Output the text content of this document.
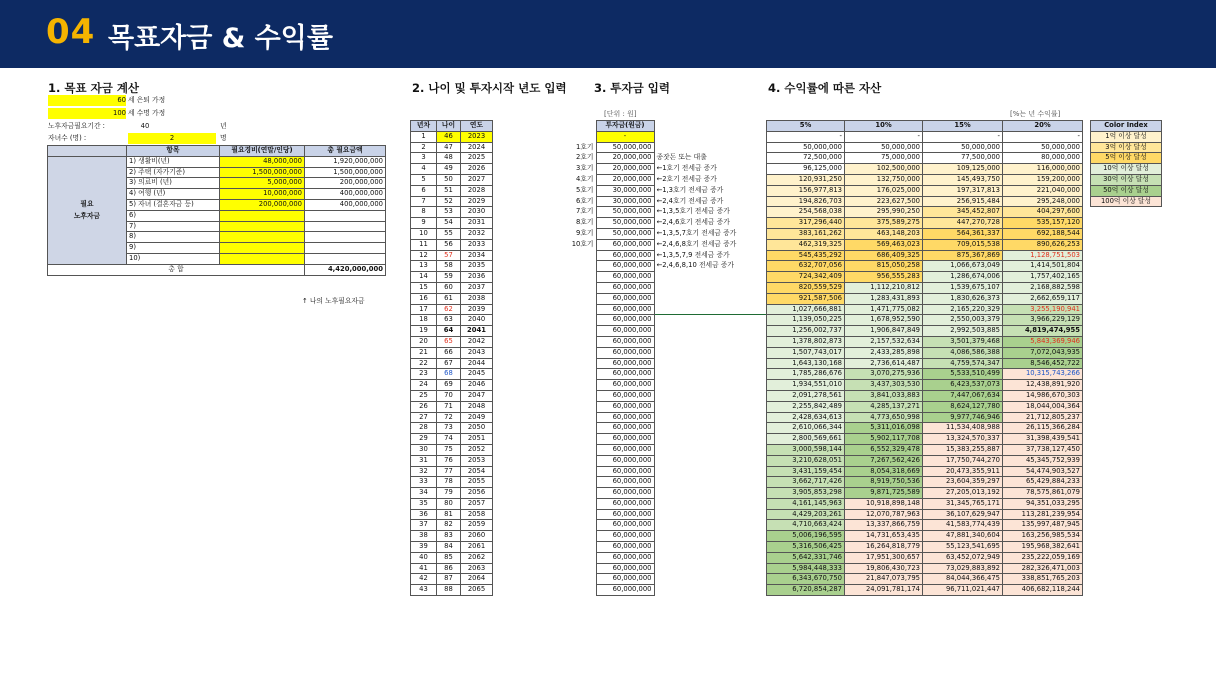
04 목표자금 & 수익률
1. 목표 자금 계산	2. 나이 및 투자시작 년도 입력 3. 투자금 입력	4. 수익률에 따른 자산
[단위 : 원]	[%는 년 수익률]
60 세 은퇴 가정
100 세 수명 가정
노후자금필요기간 :	40	년
자녀수 (명) :	2	명
	항목	필요경비(연말/인당)	총 필요금액

필요
노후자금	1) 생활비(년)	48,000,000	1,920,000,000
	2) 주택 (자가기준)	1,500,000,000	1,500,000,000
	3) 의료비 (년)	5,000,000	200,000,000
	4) 여행 (년)	10,000,000	400,000,000
	5) 자녀 (결혼자금 등)	200,000,000	400,000,000
	6)		
	7)		
	8)		
	9)		
	10)		
총 합			4,420,000,000
↑ 나의 노후필요자금
년차	나이	연도
1	46	2023
2	47	2024
3	48	2025
4	49	2026
5	50	2027
6	51	2028
7	52	2029
8	53	2030
9	54	2031
10	55	2032
11	56	2033
12	57	2034
13	58	2035
14	59	2036
15	60	2037
16	61	2038
17	62	2039
18	63	2040
19	64	2041
20	65	2042
21	66	2043
22	67	2044
23	68	2045
24	69	2046
25	70	2047
26	71	2048
27	72	2049
28	73	2050
29	74	2051
30	75	2052
31	76	2053
32	77	2054
33	78	2055
34	79	2056
35	80	2057
36	81	2058
37	82	2059
38	83	2060
39	84	2061
40	85	2062
41	86	2063
42	87	2064
43	88	2065
	투자금(원금)	
	-	
1호기	50,000,000	
2호기	20,000,000	종잣돈 또는 대출
3호기	20,000,000	←1호기 전세금 증가
4호기	20,000,000	←2호기 전세금 증가
5호기	30,000,000	←1,3호기 전세금 증가
6호기	30,000,000	←2,4호기 전세금 증가
7호기	50,000,000	←1,3,5호기 전세금 증가
8호기	50,000,000	←2,4,6호기 전세금 증가
9호기	50,000,000	←1,3,5,7호기 전세금 증가
10호기	60,000,000	←2,4,6,8호기 전세금 증가
	60,000,000	←1,3,5,7,9 전세금 증가
	60,000,000	←2,4,6,8,10 전세금 증가
	60,000,000	
	60,000,000	
	60,000,000	
	60,000,000	
	60,000,000	
	60,000,000	
	60,000,000	
	60,000,000	
	60,000,000	
	60,000,000	
	60,000,000	
	60,000,000	
	60,000,000	
	60,000,000	
	60,000,000	
	60,000,000	
	60,000,000	
	60,000,000	
	60,000,000	
	60,000,000	
	60,000,000	
	60,000,000	
	60,000,000	
	60,000,000	
	60,000,000	
	60,000,000	
	60,000,000	
	60,000,000	
	60,000,000	
	60,000,000	
5%	10%	15%	20%
-	-	-	-
50,000,000	50,000,000	50,000,000	50,000,000
72,500,000	75,000,000	77,500,000	80,000,000
96,125,000	102,500,000	109,125,000	116,000,000
120,931,250	132,750,000	145,493,750	159,200,000
156,977,813	176,025,000	197,317,813	221,040,000
194,826,703	223,627,500	256,915,484	295,248,000
254,568,038	295,990,250	345,452,807	404,297,600
317,296,440	375,589,275	447,270,728	535,157,120
383,161,262	463,148,203	564,361,337	692,188,544
462,319,325	569,463,023	709,015,538	890,626,253
545,435,292	686,409,325	875,367,869	1,128,751,503
632,707,056	815,050,258	1,066,673,049	1,414,501,804
724,342,409	956,555,283	1,286,674,006	1,757,402,165
820,559,529	1,112,210,812	1,539,675,107	2,168,882,598
921,587,506	1,283,431,893	1,830,626,373	2,662,659,117
1,027,666,881	1,471,775,082	2,165,220,329	3,255,190,941
1,139,050,225	1,678,952,590	2,550,003,379	3,966,229,129
1,256,002,737	1,906,847,849	2,992,503,885	4,819,474,955
1,378,802,873	2,157,532,634	3,501,379,468	5,843,369,946
1,507,743,017	2,433,285,898	4,086,586,388	7,072,043,935
1,643,130,168	2,736,614,487	4,759,574,347	8,546,452,722
1,785,286,676	3,070,275,936	5,533,510,499	10,315,743,266
1,934,551,010	3,437,303,530	6,423,537,073	12,438,891,920
2,091,278,561	3,841,033,883	7,447,067,634	14,986,670,303
2,255,842,489	4,285,137,271	8,624,127,780	18,044,004,364
2,428,634,613	4,773,650,998	9,977,746,946	21,712,805,237
2,610,066,344	5,311,016,098	11,534,408,988	26,115,366,284
2,800,569,661	5,902,117,708	13,324,570,337	31,398,439,541
3,000,598,144	6,552,329,478	15,383,255,887	37,738,127,450
3,210,628,051	7,267,562,426	17,750,744,270	45,345,752,939
3,431,159,454	8,054,318,669	20,473,355,911	54,474,903,527
3,662,717,426	8,919,750,536	23,604,359,297	65,429,884,233
3,905,853,298	9,871,725,589	27,205,013,192	78,575,861,079
4,161,145,963	10,918,898,148	31,345,765,171	94,351,033,295
4,429,203,261	12,070,787,963	36,107,629,947	113,281,239,954
4,710,663,424	13,337,866,759	41,583,774,439	135,997,487,945
5,006,196,595	14,731,653,435	47,881,340,604	163,256,985,534
5,316,506,425	16,264,818,779	55,123,541,695	195,968,382,641
5,642,331,746	17,951,300,657	63,452,072,949	235,222,059,169
5,984,448,333	19,806,430,723	73,029,883,892	282,326,471,003
6,343,670,750	21,847,073,795	84,044,366,475	338,851,765,203
6,720,854,287	24,091,781,174	96,711,021,447	406,682,118,244
Color Index
1억 이상 달성
3억 이상 달성
5억 이상 달성
10억 이상 달성
30억 이상 달성
50억 이상 달성
100억 이상 달성
